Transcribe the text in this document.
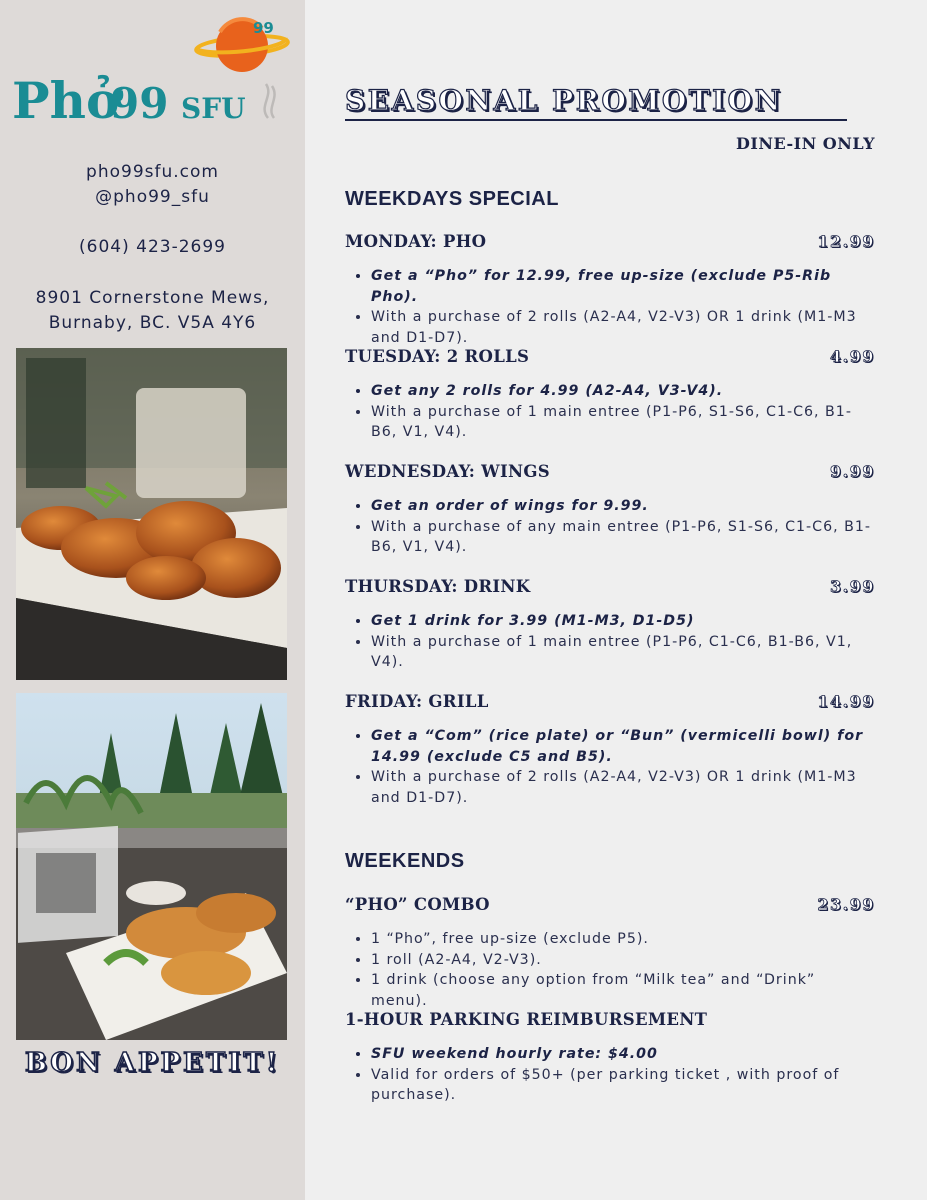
99
Phở
99 SFU
pho99sfu.com
@pho99_sfu
(604) 423-2699
8901 Cornerstone Mews,
Burnaby, BC. V5A 4Y6
BON APPETIT!
SEASONAL PROMOTION
DINE-IN ONLY
WEEKDAYS SPECIAL
MONDAY: PHO	12.99
• Get a “Pho” for 12.99, free up-size (exclude P5-Rib Pho).
• With a purchase of 2 rolls (A2-A4, V2-V3) OR 1 drink (M1-M3 and D1-D7).
TUESDAY: 2 ROLLS	4.99
• Get any 2 rolls for 4.99 (A2-A4, V3-V4).
• With a purchase of 1 main entree (P1-P6, S1-S6, C1-C6, B1-B6, V1, V4).
WEDNESDAY: WINGS	9.99
• Get an order of wings for 9.99.
• With a purchase of any main entree (P1-P6, S1-S6, C1-C6, B1-B6, V1, V4).
THURSDAY: DRINK	3.99
• Get 1 drink for 3.99 (M1-M3, D1-D5)
• With a purchase of 1 main entree (P1-P6, C1-C6, B1-B6, V1, V4).
FRIDAY: GRILL	14.99
• Get a “Com” (rice plate) or “Bun” (vermicelli bowl) for 14.99 (exclude C5 and B5).
• With a purchase of 2 rolls (A2-A4, V2-V3) OR 1 drink (M1-M3 and D1-D7).
WEEKENDS
“PHO” COMBO	23.99
• 1 “Pho”, free up-size (exclude P5).
• 1 roll (A2-A4, V2-V3).
• 1 drink (choose any option from “Milk tea” and “Drink” menu).
1-HOUR PARKING REIMBURSEMENT
• SFU weekend hourly rate: $4.00
• Valid for orders of $50+ (per parking ticket , with proof of purchase).
